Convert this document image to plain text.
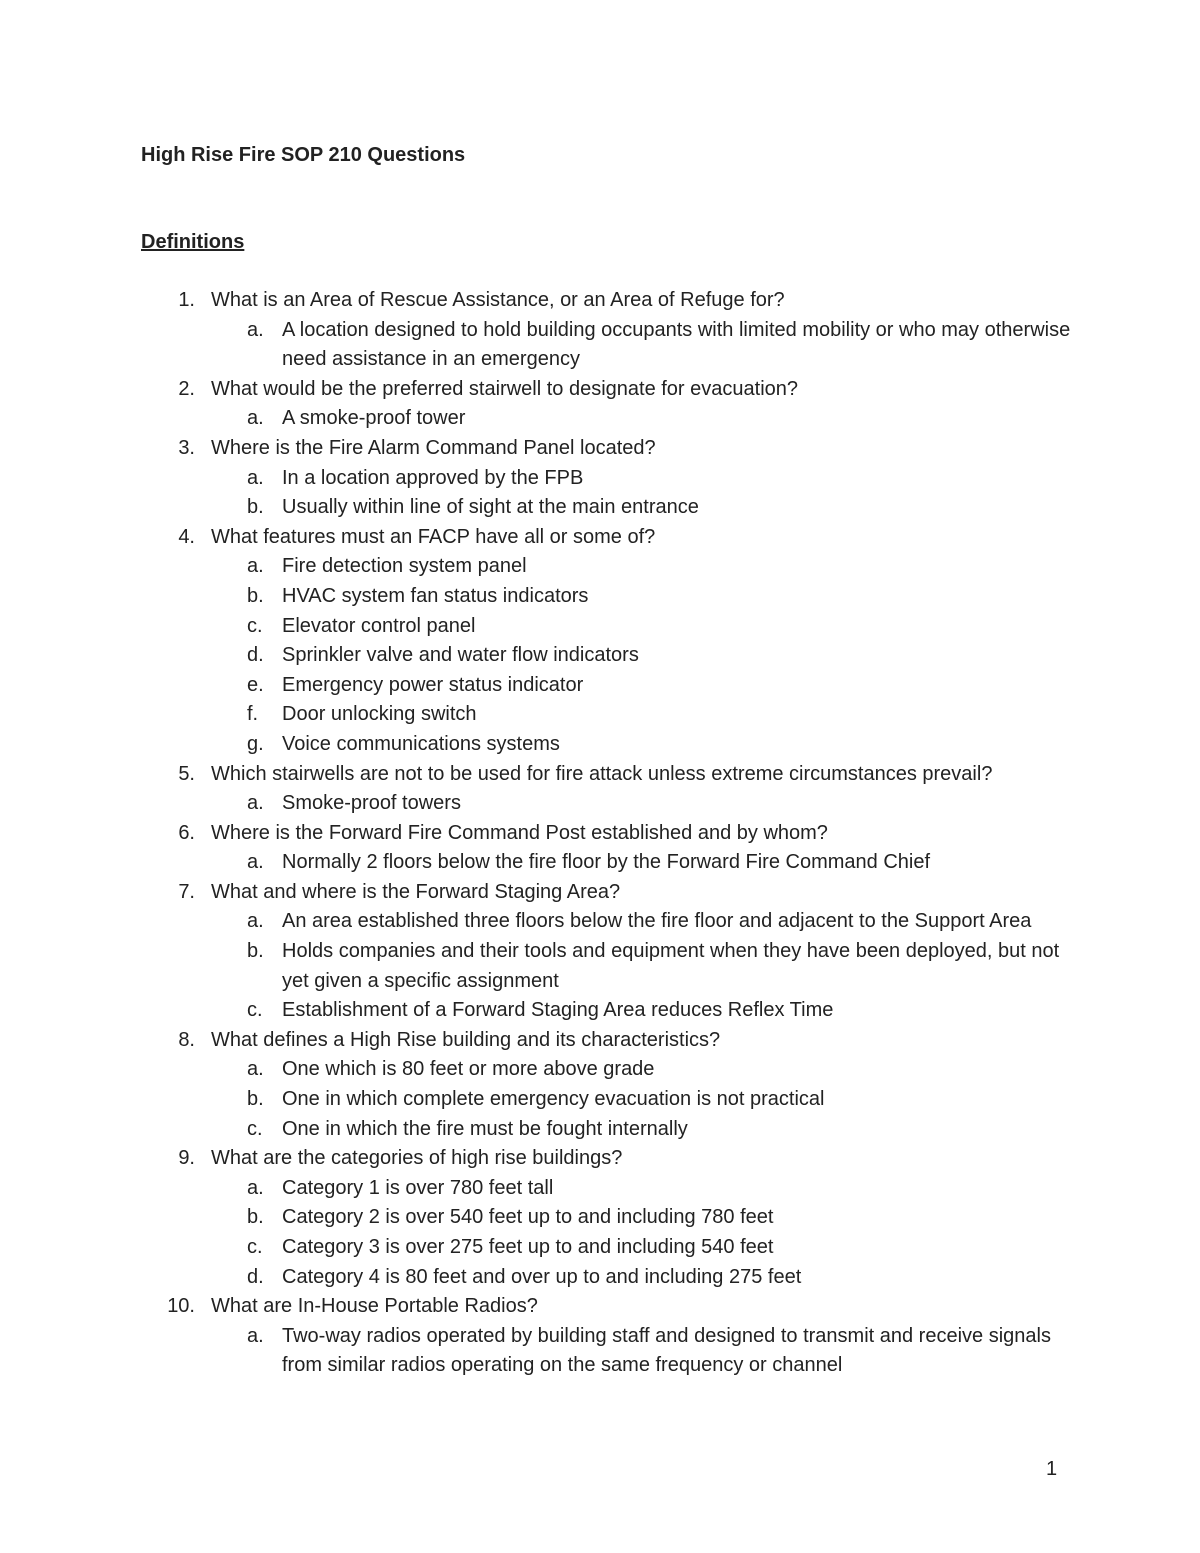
High Rise Fire SOP 210 Questions
Definitions
1. What is an Area of Rescue Assistance, or an Area of Refuge for?
a. A location designed to hold building occupants with limited mobility or who may otherwise need assistance in an emergency
2. What would be the preferred stairwell to designate for evacuation?
a. A smoke-proof tower
3. Where is the Fire Alarm Command Panel located?
a. In a location approved by the FPB
b. Usually within line of sight at the main entrance
4. What features must an FACP have all or some of?
a. Fire detection system panel
b. HVAC system fan status indicators
c. Elevator control panel
d. Sprinkler valve and water flow indicators
e. Emergency power status indicator
f. Door unlocking switch
g. Voice communications systems
5. Which stairwells are not to be used for fire attack unless extreme circumstances prevail?
a. Smoke-proof towers
6. Where is the Forward Fire Command Post established and by whom?
a. Normally 2 floors below the fire floor by the Forward Fire Command Chief
7. What and where is the Forward Staging Area?
a. An area established three floors below the fire floor and adjacent to the Support Area
b. Holds companies and their tools and equipment when they have been deployed, but not yet given a specific assignment
c. Establishment of a Forward Staging Area reduces Reflex Time
8. What defines a High Rise building and its characteristics?
a. One which is 80 feet or more above grade
b. One in which complete emergency evacuation is not practical
c. One in which the fire must be fought internally
9. What are the categories of high rise buildings?
a. Category 1 is over 780 feet tall
b. Category 2 is over 540 feet up to and including 780 feet
c. Category 3 is over 275 feet up to and including 540 feet
d. Category 4 is 80 feet and over up to and including 275 feet
10. What are In-House Portable Radios?
a. Two-way radios operated by building staff and designed to transmit and receive signals from similar radios operating on the same frequency or channel
1
